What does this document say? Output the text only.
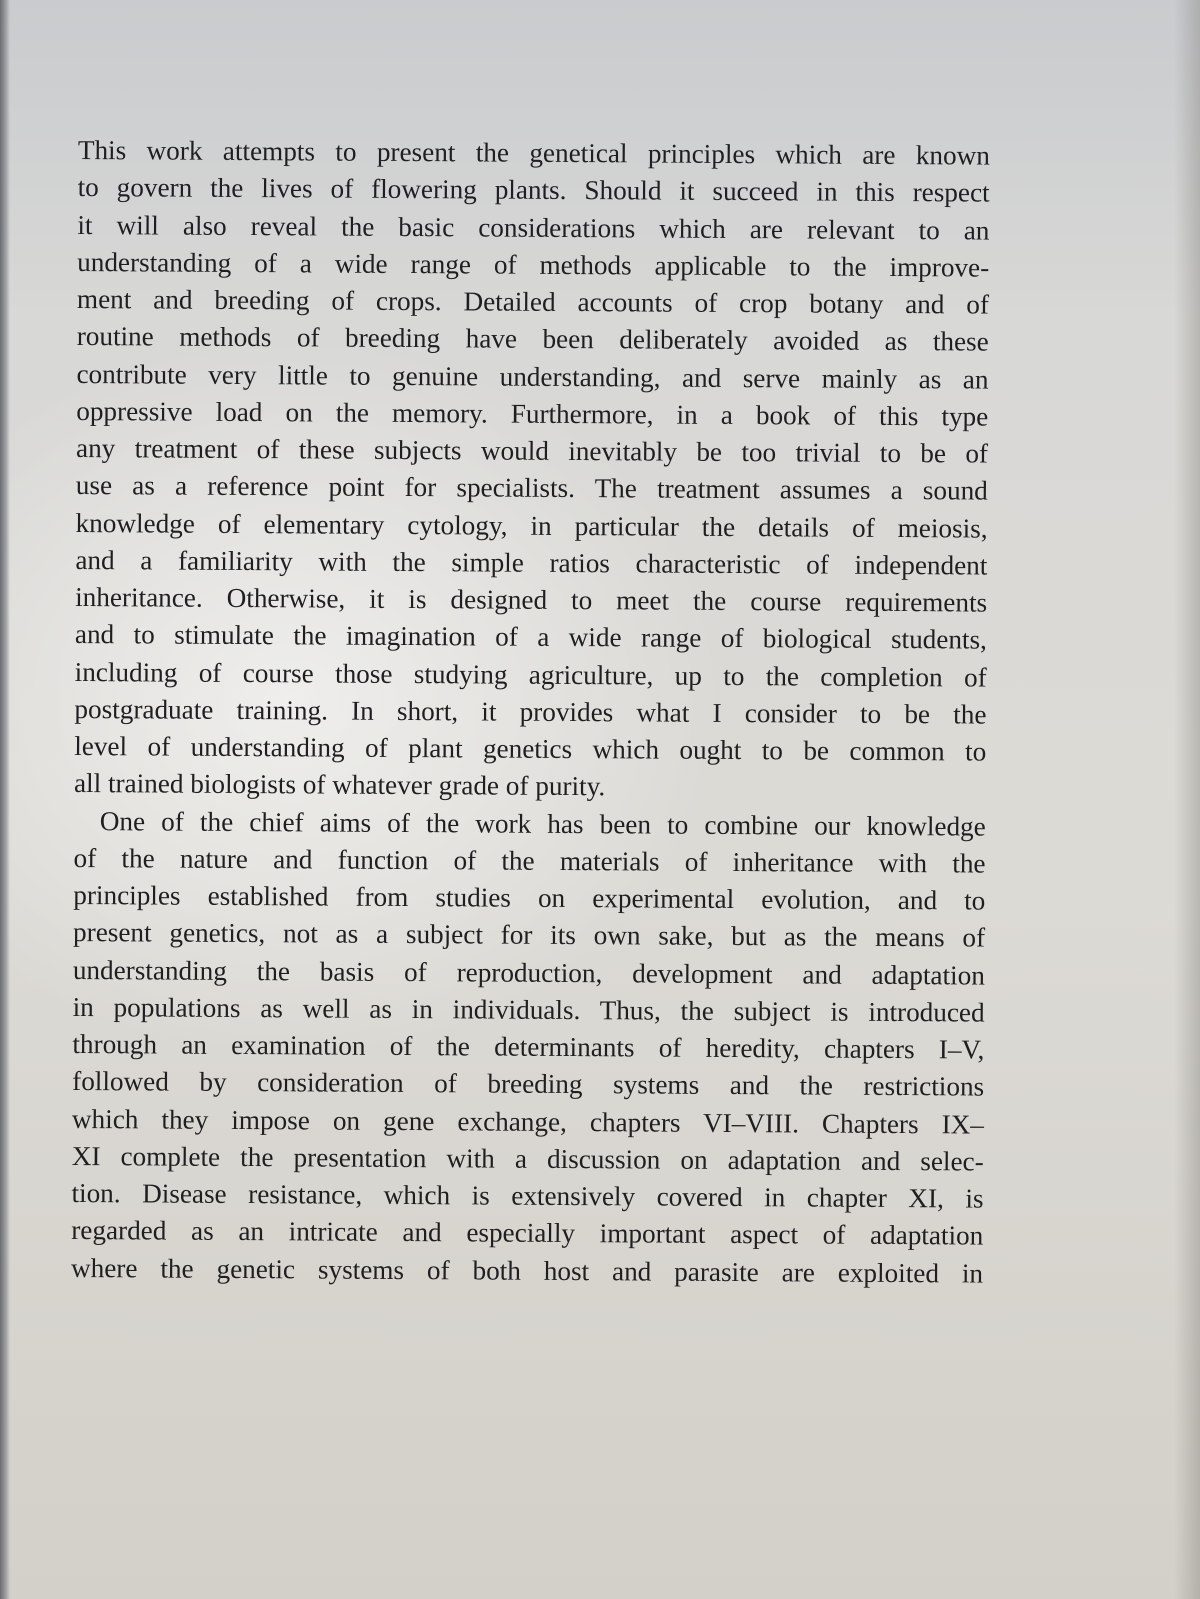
This work attempts to present the genetical principles which are known
to govern the lives of flowering plants. Should it succeed in this respect
it will also reveal the basic considerations which are relevant to an
understanding of a wide range of methods applicable to the improve-
ment and breeding of crops. Detailed accounts of crop botany and of
routine methods of breeding have been deliberately avoided as these
contribute very little to genuine understanding, and serve mainly as an
oppressive load on the memory. Furthermore, in a book of this type
any treatment of these subjects would inevitably be too trivial to be of
use as a reference point for specialists. The treatment assumes a sound
knowledge of elementary cytology, in particular the details of meiosis,
and a familiarity with the simple ratios characteristic of independent
inheritance. Otherwise, it is designed to meet the course requirements
and to stimulate the imagination of a wide range of biological students,
including of course those studying agriculture, up to the completion of
postgraduate training. In short, it provides what I consider to be the
level of understanding of plant genetics which ought to be common to
all trained biologists of whatever grade of purity.
One of the chief aims of the work has been to combine our knowledge
of the nature and function of the materials of inheritance with the
principles established from studies on experimental evolution, and to
present genetics, not as a subject for its own sake, but as the means of
understanding the basis of reproduction, development and adaptation
in populations as well as in individuals. Thus, the subject is introduced
through an examination of the determinants of heredity, chapters I–V,
followed by consideration of breeding systems and the restrictions
which they impose on gene exchange, chapters VI–VIII. Chapters IX–
XI complete the presentation with a discussion on adaptation and selec-
tion. Disease resistance, which is extensively covered in chapter XI, is
regarded as an intricate and especially important aspect of adaptation
where the genetic systems of both host and parasite are exploited in
